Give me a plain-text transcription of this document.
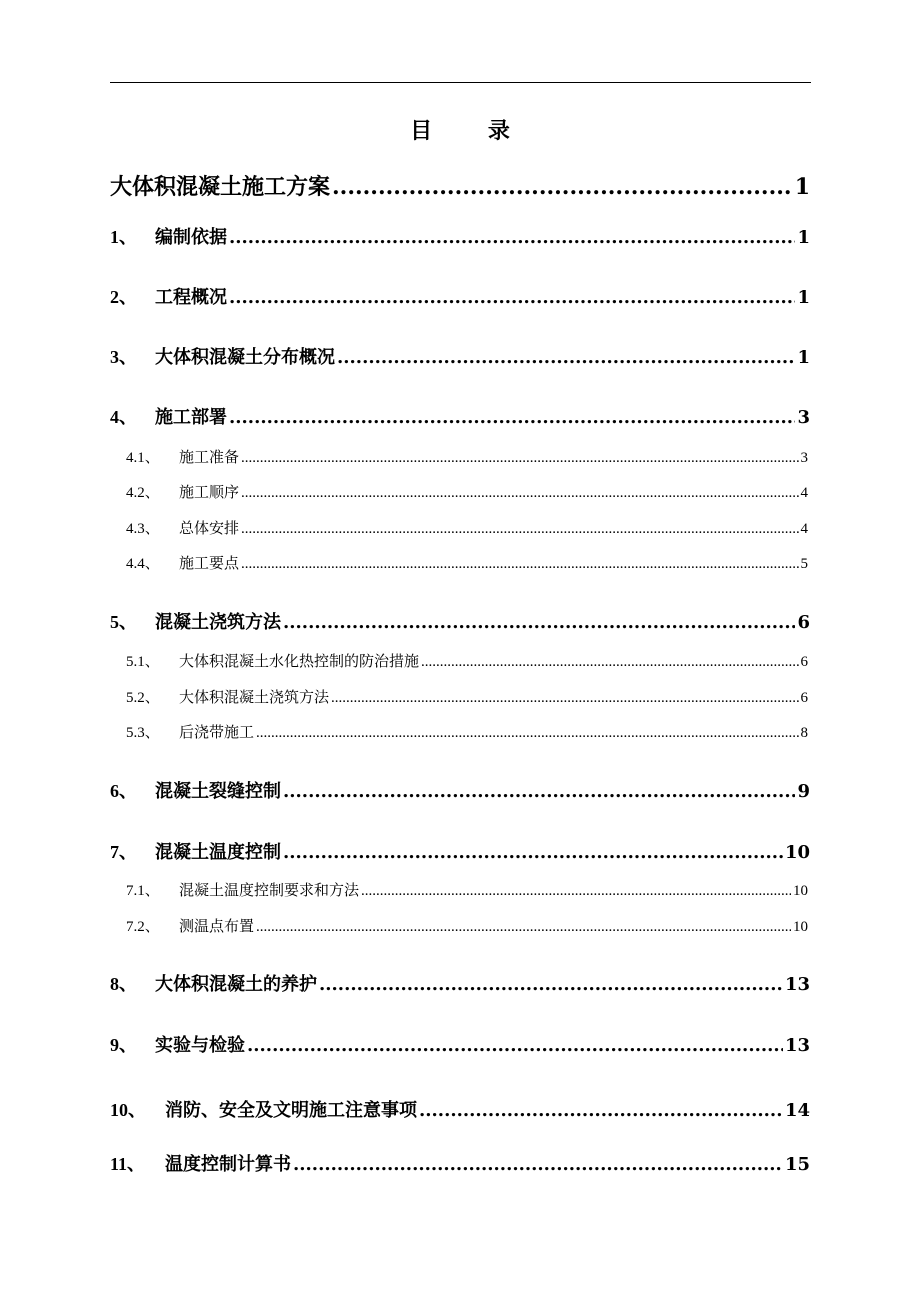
目 录
大体积混凝土施工方案 .....	1
1、	编制依据 .....	1
2、	工程概况 .....	1
3、	大体积混凝土分布概况 .....	1
4、	施工部署 .....	3
4.1、	施工准备 .....	3
4.2、	施工顺序 .....	4
4.3、	总体安排 .....	4
4.4、	施工要点 .....	5
5、	混凝土浇筑方法 .....	6
5.1、	大体积混凝土水化热控制的防治措施 .....	6
5.2、	大体积混凝土浇筑方法 .....	6
5.3、	后浇带施工 .....	8
6、	混凝土裂缝控制 .....	9
7、	混凝土温度控制 .....	10
7.1、	混凝土温度控制要求和方法 .....	10
7.2、	测温点布置 .....	10
8、	大体积混凝土的养护 .....	13
9、	实验与检验 .....	13
10、	消防、安全及文明施工注意事项 .....	14
11、	温度控制计算书 .....	15
